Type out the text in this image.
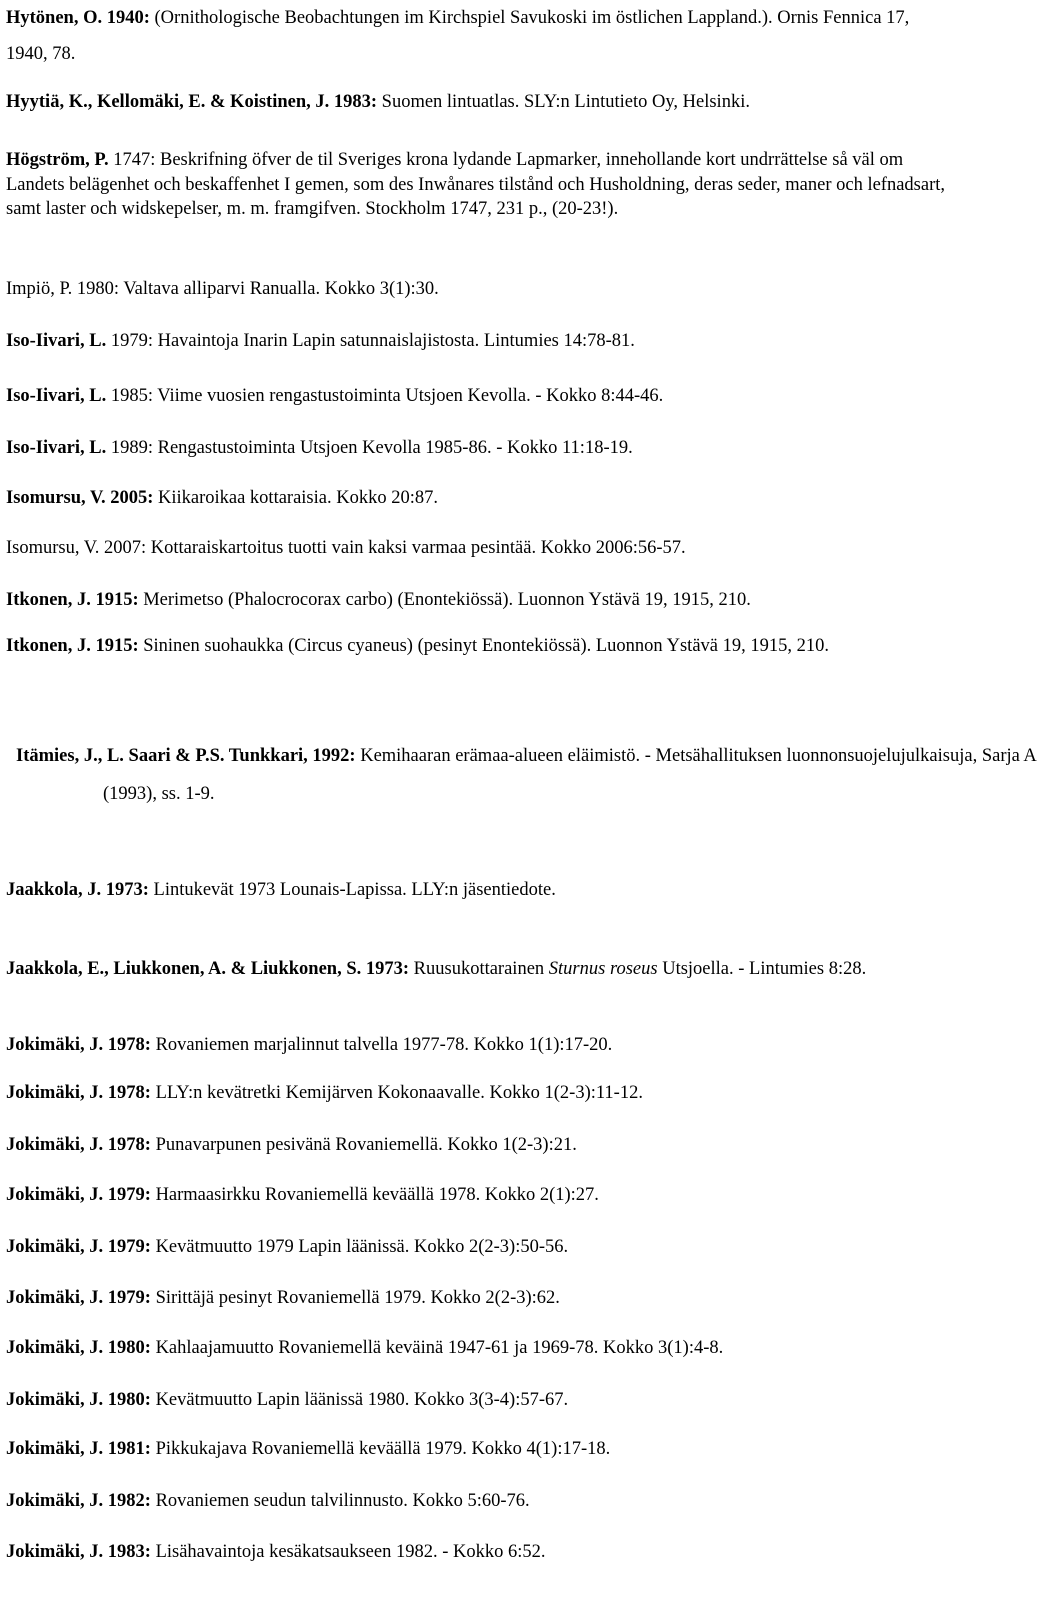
Hytönen, O. 1940: (Ornithologische Beobachtungen im Kirchspiel Savukoski im östlichen Lappland.). Ornis Fennica 17, 1940, 78.

Hyytiä, K., Kellomäki, E. & Koistinen, J. 1983: Suomen lintuatlas. SLY:n Lintutieto Oy, Helsinki.

Högström, P. 1747: Beskrifning öfver de til Sveriges krona lydande Lapmarker, innehollande kort undrrättelse så väl om Landets belägenhet och beskaffenhet I gemen, som des Inwånares tilstånd och Husholdning, deras seder, maner och lefnadsart, samt laster och widskepelser, m. m. framgifven. Stockholm 1747, 231 p., (20-23!).

Impiö, P. 1980: Valtava alliparvi Ranualla. Kokko 3(1):30.

Iso-Iivari, L. 1979: Havaintoja Inarin Lapin satunnaislajistosta. Lintumies 14:78-81.

Iso-Iivari, L. 1985: Viime vuosien rengastustoiminta Utsjoen Kevolla. - Kokko 8:44-46.

Iso-Iivari, L. 1989: Rengastustoiminta Utsjoen Kevolla 1985-86. - Kokko 11:18-19.

Isomursu, V. 2005: Kiikaroikaa kottaraisia. Kokko 20:87.

Isomursu, V. 2007: Kottaraiskartoitus tuotti vain kaksi varmaa pesintää. Kokko 2006:56-57.

Itkonen, J. 1915: Merimetso (Phalocrocorax carbo) (Enontekiössä). Luonnon Ystävä 19, 1915, 210.

Itkonen, J. 1915: Sininen suohaukka (Circus cyaneus) (pesinyt Enontekiössä). Luonnon Ystävä 19, 1915, 210.

Itämies, J., L. Saari & P.S. Tunkkari, 1992: Kemihaaran erämaa-alueen eläimistö. - Metsähallituksen luonnonsuojelujulkaisuja, Sarja A (1993), ss. 1-9.

Jaakkola, J. 1973: Lintukevät 1973 Lounais-Lapissa. LLY:n jäsentiedote.

Jaakkola, E., Liukkonen, A. & Liukkonen, S. 1973: Ruusukottarainen Sturnus roseus Utsjoella. - Lintumies 8:28.

Jokimäki, J. 1978: Rovaniemen marjalinnut talvella 1977-78. Kokko 1(1):17-20.

Jokimäki, J. 1978: LLY:n kevätretki Kemijärven Kokonaavalle. Kokko 1(2-3):11-12.

Jokimäki, J. 1978: Punavarpunen pesivänä Rovaniemellä. Kokko 1(2-3):21.

Jokimäki, J. 1979: Harmaasirkku Rovaniemellä keväällä 1978. Kokko 2(1):27.

Jokimäki, J. 1979: Kevätmuutto 1979 Lapin läänissä. Kokko 2(2-3):50-56.

Jokimäki, J. 1979: Sirittäjä pesinyt Rovaniemellä 1979. Kokko 2(2-3):62.

Jokimäki, J. 1980: Kahlaajamuutto Rovaniemellä keväinä 1947-61 ja 1969-78. Kokko 3(1):4-8.

Jokimäki, J. 1980: Kevätmuutto Lapin läänissä 1980. Kokko 3(3-4):57-67.

Jokimäki, J. 1981: Pikkukajava Rovaniemellä keväällä 1979. Kokko 4(1):17-18.

Jokimäki, J. 1982: Rovaniemen seudun talvilinnusto. Kokko 5:60-76.

Jokimäki, J. 1983: Lisähavaintoja kesäkatsaukseen 1982. - Kokko 6:52.
